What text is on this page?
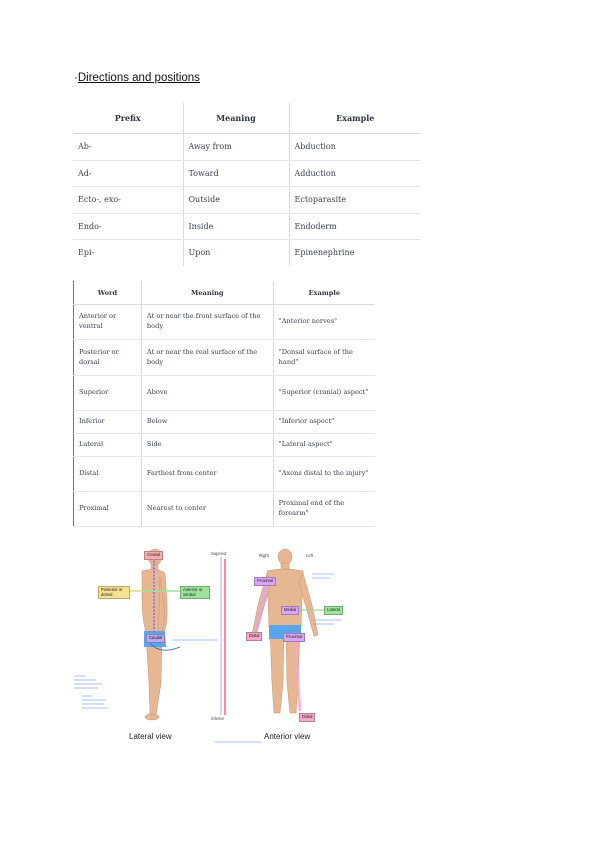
·Directions and positions
Prefix	Meaning	Example
Ab-	Away from	Abduction
Ad-	Toward	Adduction
Ecto-, exo-	Outside	Ectoparasite
Endo-	Inside	Endoderm
Epi-	Upon	Epinenephrine
Word	Meaning	Example
Anterior or ventral	At or near the front surface of the body	"Anterior nerves"
Posterior or dorsal	At or near the real surface of the body	"Donsal surface of the hand"
Superior	Above	"Superior (cranial) aspect"
Inferior	Below	"Inferior aspect"
Lateral	Side	"Lateral aspect"
Distal	Farthest from center	"Axons distal to the injury"
Proximal	Nearest to center	Proximal end of the forearm"
Cranial
Posterior or dorsal
Anterior or ventral
Caudal
Proximal
Medial	Lateral
Distal	Proximal
Distal
Superior
Inferior
Right	Left
Lateral view	Anterior view
